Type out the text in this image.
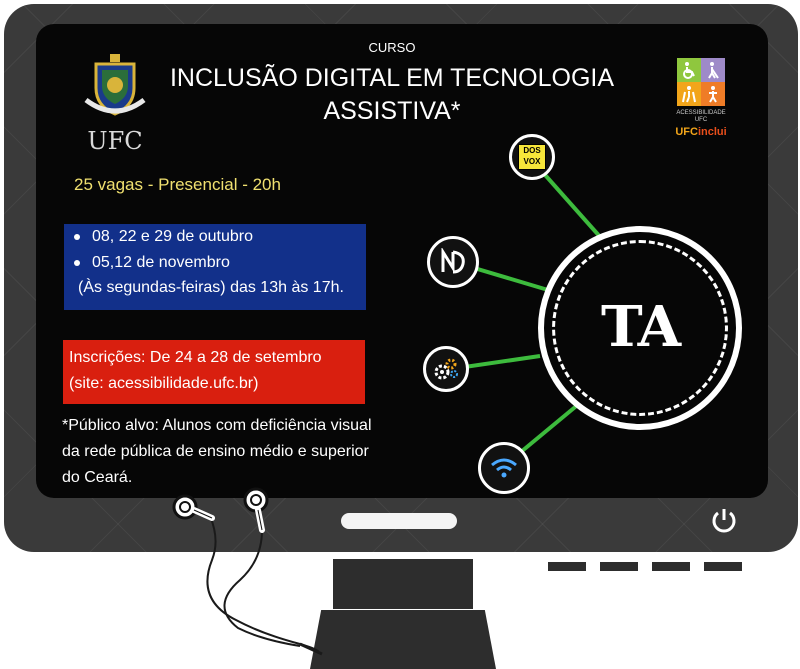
UFC
CURSO
INCLUSÃO DIGITAL EM TECNOLOGIA
ASSISTIVA*	ACESSIBILIDADE
UFC
UFCinclui
25 vagas - Presencial - 20h
08, 22 e 29 de outubro
05,12 de novembro
(Às segundas-feiras) das 13h às 17h.
Inscrições: De 24 a 28 de setembro
(site: acessibilidade.ufc.br)
*Público alvo: Alunos com deficiência visual
da rede pública de ensino médio e superior
do Ceará.
TA
DOS
VOX
